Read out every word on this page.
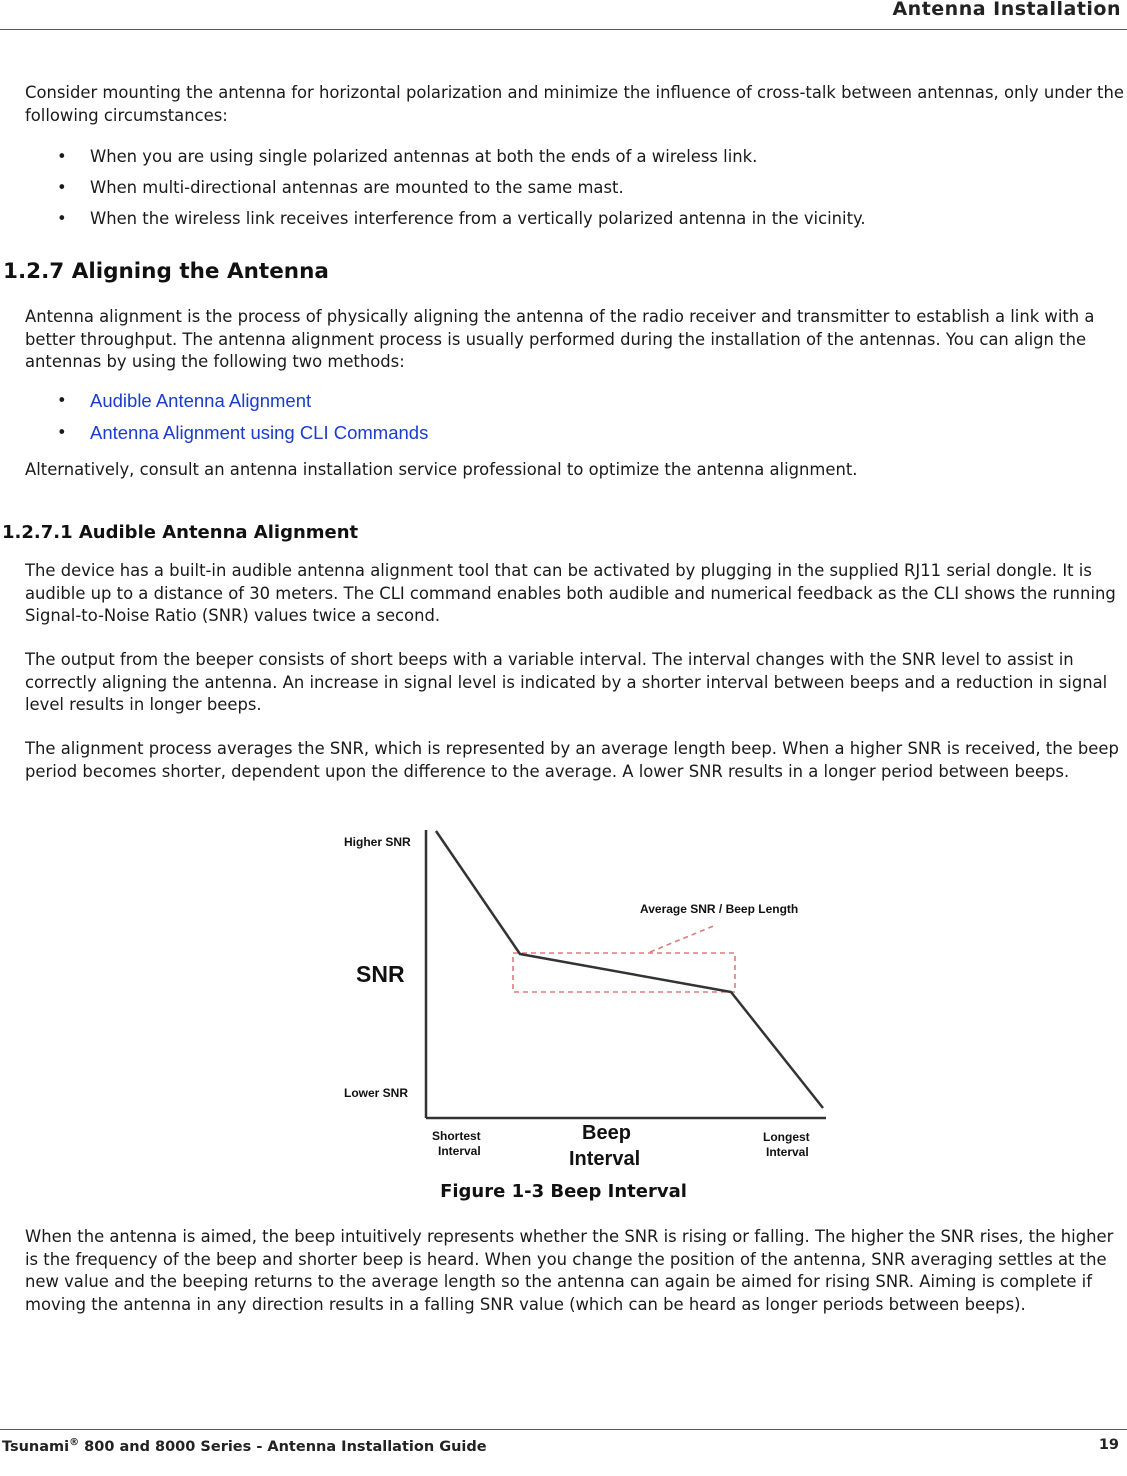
Antenna Installation

Consider mounting the antenna for horizontal polarization and minimize the influence of cross-talk between antennas, only under the following circumstances:

• When you are using single polarized antennas at both the ends of a wireless link.
• When multi-directional antennas are mounted to the same mast.
• When the wireless link receives interference from a vertically polarized antenna in the vicinity.
1.2.7 Aligning the Antenna

Antenna alignment is the process of physically aligning the antenna of the radio receiver and transmitter to establish a link with a better throughput. The antenna alignment process is usually performed during the installation of the antennas. You can align the antennas by using the following two methods:

• Audible Antenna Alignment
• Antenna Alignment using CLI Commands

Alternatively, consult an antenna installation service professional to optimize the antenna alignment.

1.2.7.1 Audible Antenna Alignment

The device has a built-in audible antenna alignment tool that can be activated by plugging in the supplied RJ11 serial dongle. It is audible up to a distance of 30 meters. The CLI command enables both audible and numerical feedback as the CLI shows the running Signal-to-Noise Ratio (SNR) values twice a second.

The output from the beeper consists of short beeps with a variable interval. The interval changes with the SNR level to assist in correctly aligning the antenna. An increase in signal level is indicated by a shorter interval between beeps and a reduction in signal level results in longer beeps.

The alignment process averages the SNR, which is represented by an average length beep. When a higher SNR is received, the beep period becomes shorter, dependent upon the difference to the average. A lower SNR results in a longer period between beeps.

Higher SNR
SNR
Lower SNR
Average SNR / Beep Length
Shortest
Interval
Beep
Interval
Longest
Interval
Figure 1-3 Beep Interval

When the antenna is aimed, the beep intuitively represents whether the SNR is rising or falling. The higher the SNR rises, the higher is the frequency of the beep and shorter beep is heard. When you change the position of the antenna, SNR averaging settles at the new value and the beeping returns to the average length so the antenna can again be aimed for rising SNR. Aiming is complete if moving the antenna in any direction results in a falling SNR value (which can be heard as longer periods between beeps).

Tsunami® 800 and 8000 Series - Antenna Installation Guide	19
